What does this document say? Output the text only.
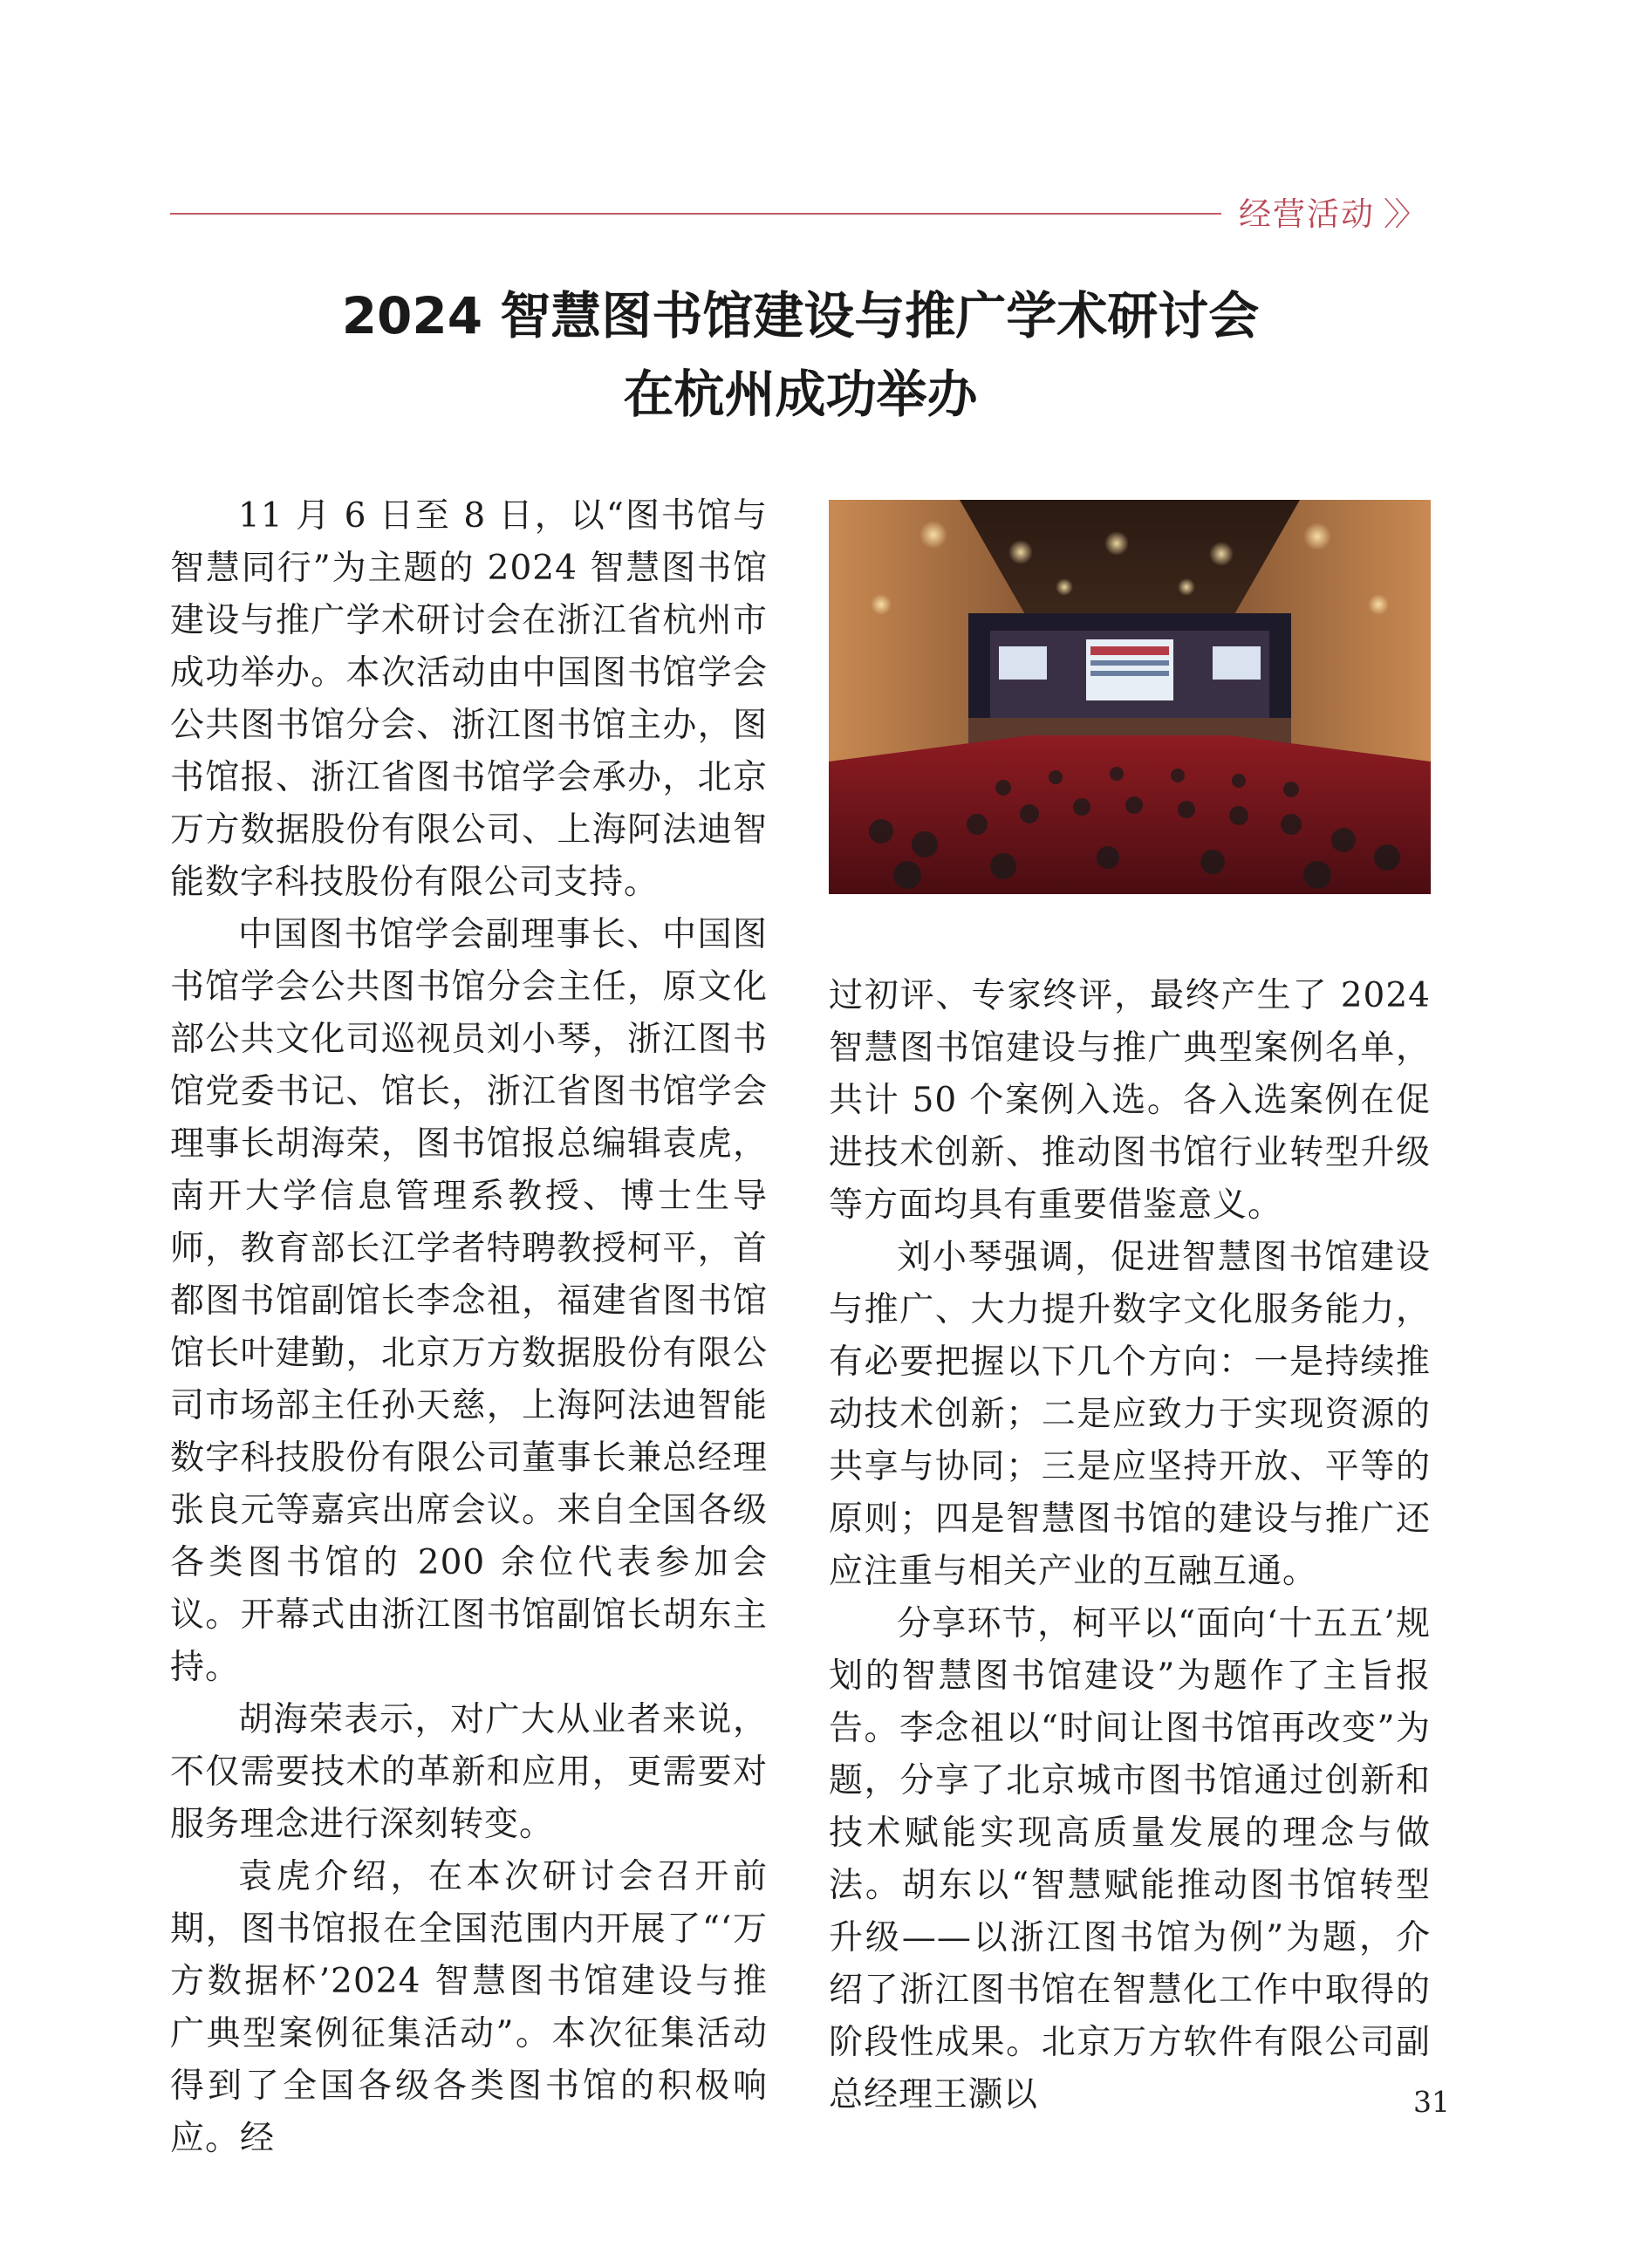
经营活动 〉〉
2024 智慧图书馆建设与推广学术研讨会
在杭州成功举办

11 月 6 日至 8 日，以“图书馆与智慧同行”为主题的 2024 智慧图书馆建设与推广学术研讨会在浙江省杭州市成功举办。本次活动由中国图书馆学会公共图书馆分会、浙江图书馆主办，图书馆报、浙江省图书馆学会承办，北京万方数据股份有限公司、上海阿法迪智能数字科技股份有限公司支持。

中国图书馆学会副理事长、中国图书馆学会公共图书馆分会主任，原文化部公共文化司巡视员刘小琴，浙江图书馆党委书记、馆长，浙江省图书馆学会理事长胡海荣，图书馆报总编辑袁虎，南开大学信息管理系教授、博士生导师，教育部长江学者特聘教授柯平，首都图书馆副馆长李念祖，福建省图书馆馆长叶建勤，北京万方数据股份有限公司市场部主任孙天慈，上海阿法迪智能数字科技股份有限公司董事长兼总经理张良元等嘉宾出席会议。来自全国各级各类图书馆的 200 余位代表参加会议。开幕式由浙江图书馆副馆长胡东主持。

胡海荣表示，对广大从业者来说，不仅需要技术的革新和应用，更需要对服务理念进行深刻转变。

袁虎介绍，在本次研讨会召开前期，图书馆报在全国范围内开展了“‘万方数据杯’2024 智慧图书馆建设与推广典型案例征集活动”。本次征集活动得到了全国各级各类图书馆的积极响应。经

过初评、专家终评，最终产生了 2024 智慧图书馆建设与推广典型案例名单，共计 50 个案例入选。各入选案例在促进技术创新、推动图书馆行业转型升级等方面均具有重要借鉴意义。

刘小琴强调，促进智慧图书馆建设与推广、大力提升数字文化服务能力，有必要把握以下几个方向：一是持续推动技术创新；二是应致力于实现资源的共享与协同；三是应坚持开放、平等的原则；四是智慧图书馆的建设与推广还应注重与相关产业的互融互通。

分享环节，柯平以“面向‘十五五’规划的智慧图书馆建设”为题作了主旨报告。李念祖以“时间让图书馆再改变”为题，分享了北京城市图书馆通过创新和技术赋能实现高质量发展的理念与做法。胡东以“智慧赋能推动图书馆转型升级——以浙江图书馆为例”为题，介绍了浙江图书馆在智慧化工作中取得的阶段性成果。北京万方软件有限公司副总经理王灏以	31
